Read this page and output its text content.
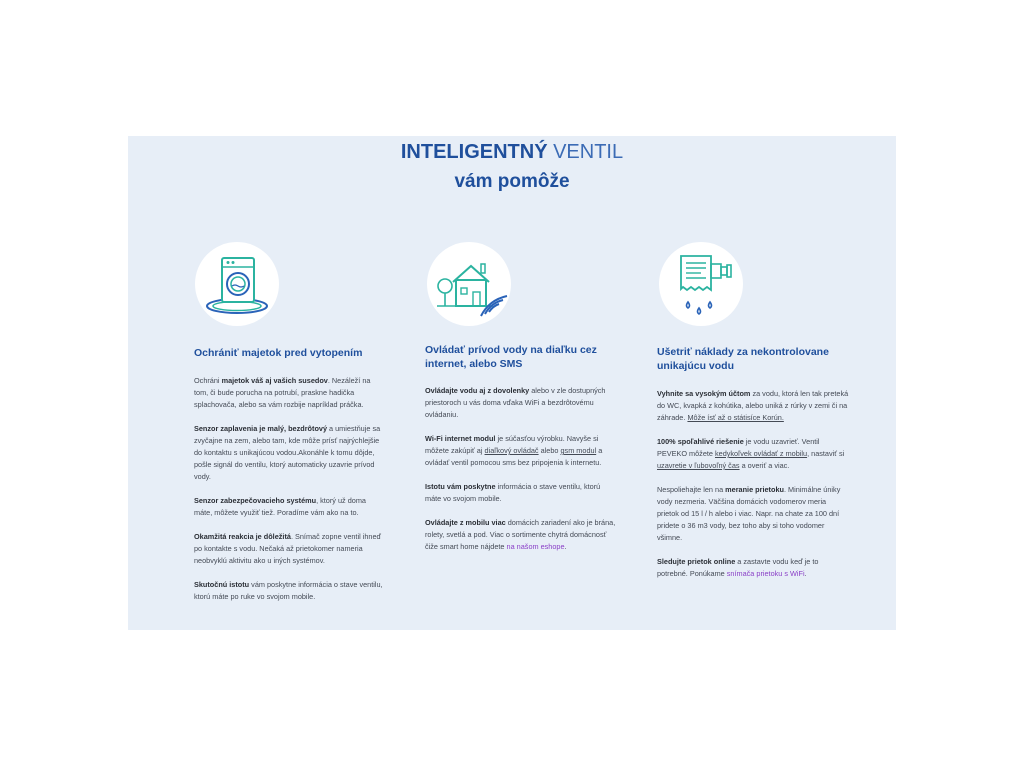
INTELIGENTNÝ VENTIL
vám pomôže
Ochrániť majetok pred vytopením

Ochráni majetok váš aj vašich susedov. Nezáleží na tom, či bude porucha na potrubí, praskne hadička splachovača, alebo sa vám rozbije napríklad práčka.

Senzor zaplavenia je malý, bezdrôtový a umiestňuje sa zvyčajne na zem, alebo tam, kde môže prísť najrýchlejšie do kontaktu s unikajúcou vodou.Akonáhle k tomu dôjde, pošle signál do ventilu, ktorý automaticky uzavrie prívod vody.

Senzor zabezpečovacieho systému, ktorý už doma máte, môžete využiť tiež. Poradíme vám ako na to.

Okamžitá reakcia je dôležitá. Snímač zopne ventil ihneď po kontakte s vodu. Nečaká až prietokomer nameria neobvyklú aktivitu ako u iných systémov.

Skutočnú istotu vám poskytne informácia o stave ventilu, ktorú máte po ruke vo svojom mobile.

Ovládať prívod vody na diaľku cez internet, alebo SMS

Ovládajte vodu aj z dovolenky alebo v zle dostupných priestoroch u vás doma vďaka WiFi a bezdrôtovému ovládaniu.

Wi-Fi internet modul je súčasťou výrobku. Navyše si môžete zakúpiť aj diaľkový ovládač alebo gsm modul a ovládať ventil pomocou sms bez pripojenia k internetu.

Istotu vám poskytne informácia o stave ventilu, ktorú máte vo svojom mobile.

Ovládajte z mobilu viac domácich zariadení ako je brána, rolety, svetlá a pod. Viac o sortimente chytrá domácnosť čiže smart home nájdete na našom eshope.

Ušetriť náklady za nekontrolovane unikajúcu vodu

Vyhnite sa vysokým účtom za vodu, ktorá len tak preteká do WC, kvapká z kohútika, alebo uniká z rúrky v zemi či na záhrade. Môže ísť až o státisíce Korún.

100% spoľahlivé riešenie je vodu uzavrieť. Ventil PEVEKO môžete kedykoľvek ovládať z mobilu, nastaviť si uzavretie v ľubovoľný čas a overiť a viac.

Nespoliehajte len na meranie prietoku. Minimálne úniky vody nezmeria. Väčšina domácich vodomerov meria prietok od 15 l / h alebo i viac. Napr. na chate za 100 dní pridete o 36 m3 vody, bez toho aby si toho vodomer všimne.

Sledujte prietok online a zastavte vodu keď je to potrebné. Ponúkame snímača prietoku s WiFi.
